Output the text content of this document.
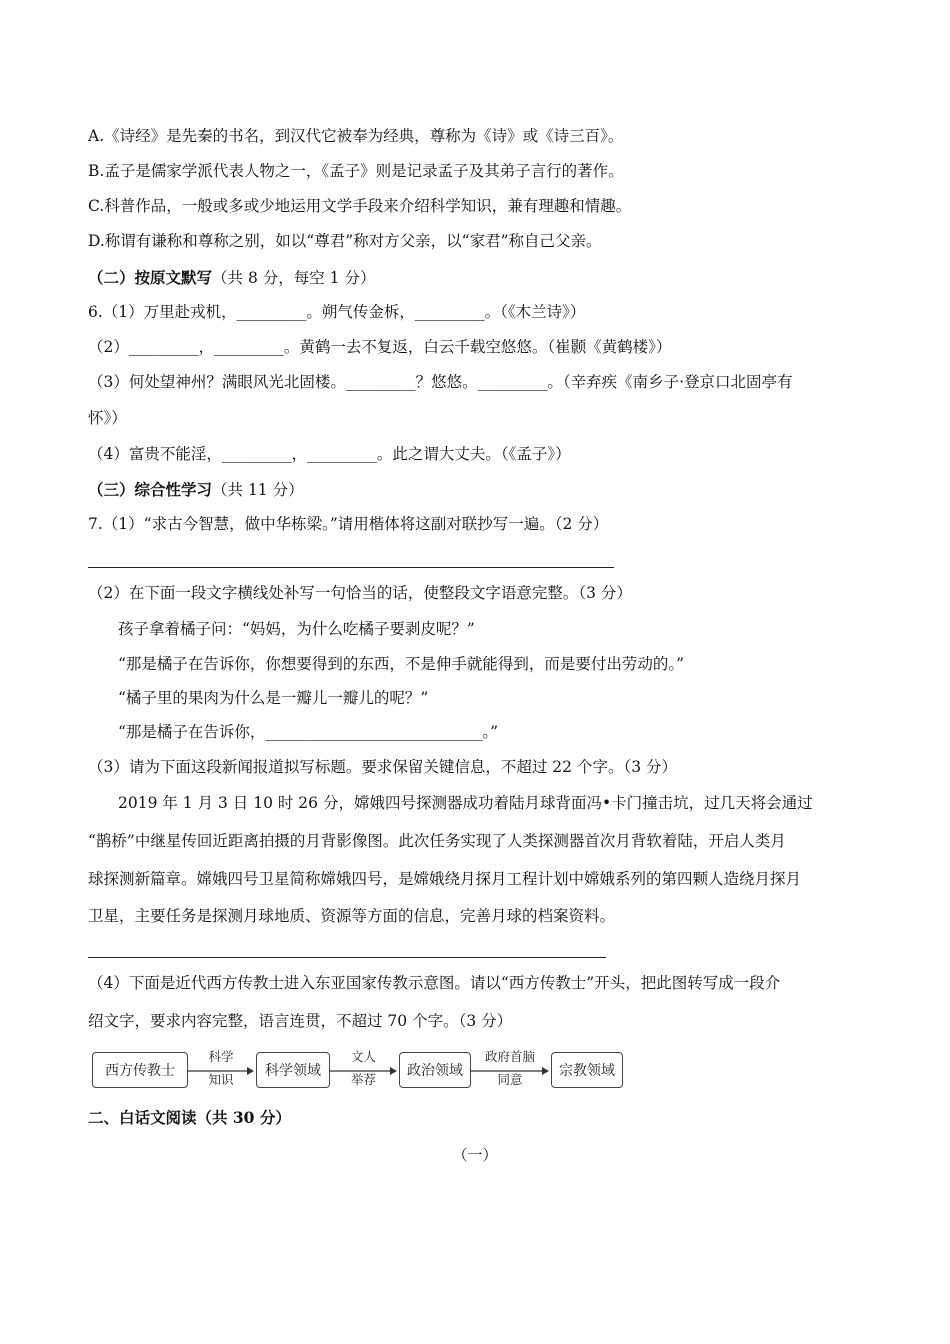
A.《诗经》是先秦的书名，到汉代它被奉为经典，尊称为《诗》或《诗三百》。
B.孟子是儒家学派代表人物之一，《孟子》则是记录孟子及其弟子言行的著作。
C.科普作品，一般或多或少地运用文学手段来介绍科学知识，兼有理趣和情趣。
D.称谓有谦称和尊称之别，如以“尊君”称对方父亲，以“家君”称自己父亲。
（二）按原文默写（共 8 分，每空 1 分）
6.（1）万里赴戎机，_________。朔气传金柝，_________。（《木兰诗》）
（2）_________，_________。黄鹤一去不复返，白云千载空悠悠。（崔颢《黄鹤楼》）
（3）何处望神州？满眼风光北固楼。_________？悠悠。_________。（辛弃疾《南乡子·登京口北固亭有
怀》）
（4）富贵不能淫，_________，_________。此之谓大丈夫。（《孟子》）
（三）综合性学习（共 11 分）
7.（1）“求古今智慧，做中华栋梁。”请用楷体将这副对联抄写一遍。（2 分）
（2）在下面一段文字横线处补写一句恰当的话，使整段文字语意完整。（3 分）
孩子拿着橘子问：“妈妈，为什么吃橘子要剥皮呢？”
“那是橘子在告诉你，你想要得到的东西，不是伸手就能得到，而是要付出劳动的。”
“橘子里的果肉为什么是一瓣儿一瓣儿的呢？”
“那是橘子在告诉你，____________________________。”
（3）请为下面这段新闻报道拟写标题。要求保留关键信息，不超过 22 个字。（3 分）
2019 年 1 月 3 日 10 时 26 分，嫦娥四号探测器成功着陆月球背面冯•卡门撞击坑，过几天将会通过
“鹊桥”中继星传回近距离拍摄的月背影像图。此次任务实现了人类探测器首次月背软着陆，开启人类月
球探测新篇章。嫦娥四号卫星简称嫦娥四号，是嫦娥绕月探月工程计划中嫦娥系列的第四颗人造绕月探月
卫星，主要任务是探测月球地质、资源等方面的信息，完善月球的档案资料。
（4）下面是近代西方传教士进入东亚国家传教示意图。请以“西方传教士”开头，把此图转写成一段介
绍文字，要求内容完整，语言连贯，不超过 70 个字。（3 分）
西方传教士
科学
知识
科学领域
文人
举荐
政治领域
政府首脑
同意
宗教领域
二、白话文阅读（共 30 分）
（一）
